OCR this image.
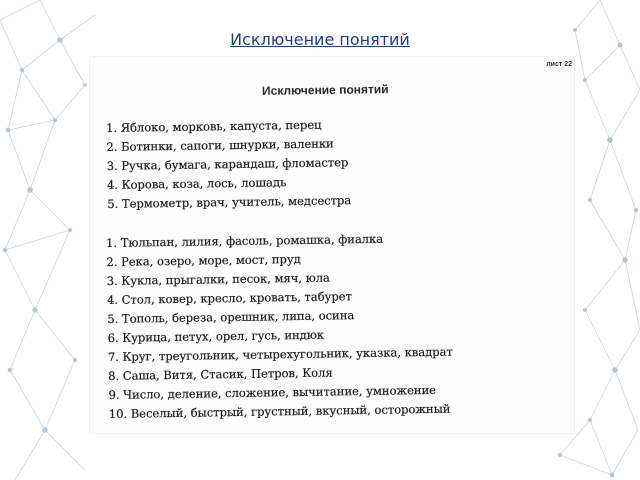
Исключение понятий
лист 22
Исключение понятий
1. Яблоко, морковь, капуста, перец
2. Ботинки, сапоги, шнурки, валенки
3. Ручка, бумага, карандаш, фломастер
4. Корова, коза, лось, лошадь
5. Термометр, врач, учитель, медсестра
1. Тюльпан, лилия, фасоль, ромашка, фиалка
2. Река, озеро, море, мост, пруд
3. Кукла, прыгалки, песок, мяч, юла
4. Стол, ковер, кресло, кровать, табурет
5. Тополь, береза, орешник, липа, осина
6. Курица, петух, орел, гусь, индюк
7. Круг, треугольник, четырехугольник, указка, квадрат
8. Саша, Витя, Стасик, Петров, Коля
9. Число, деление, сложение, вычитание, умножение
10. Веселый, быстрый, грустный, вкусный, осторожный
